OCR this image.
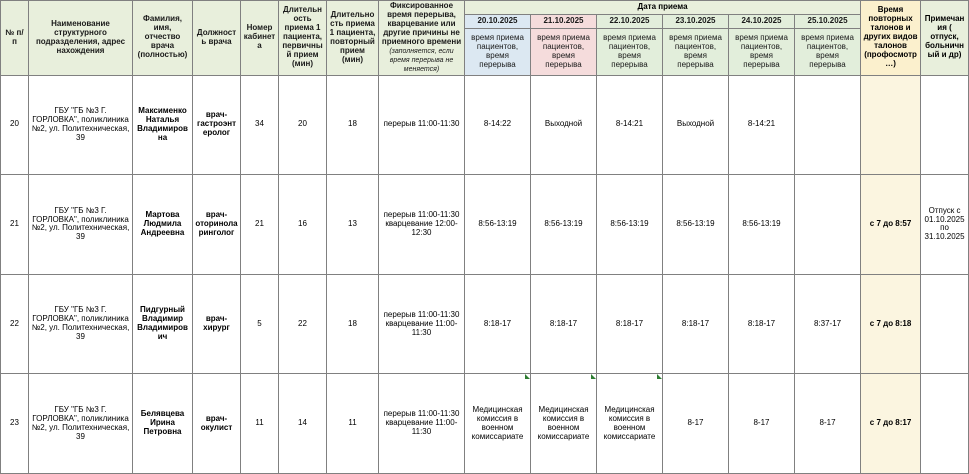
№ п/п	Наименование структурного подразделения, адрес нахождения	Фамилия, имя, отчество врача (полностью)	Должность врача	Номер кабинета	Длительность приема 1 пациента, первичный прием (мин)	Длительность приема 1 пациента, повторный прием (мин)	Фиксированное время перерыва, кварцевание или другие причины не приемного времени (заполняется, если время перерыва не меняется)	Дата приема						Время повторных талонов и других видов талонов (профосмотр…)	Примечания ( отпуск, больничный и др)
								20.10.2025	21.10.2025	22.10.2025	23.10.2025	24.10.2025	25.10.2025		
								время приема пациентов, время перерыва	время приема пациентов, время перерыва	время приема пациентов, время перерыва	время приема пациентов, время перерыва	время приема пациентов, время перерыва	время приема пациентов, время перерыва		
20	ГБУ "ГБ №3 Г. ГОРЛОВКА", поликлиника №2, ул. Политехническая, 39	Максименко Наталья Владимировна	врач-гастроэнтеролог	34	20	18	перерыв 11:00-11:30	8-14:22	Выходной	8-14:21	Выходной	8-14:21			
21	ГБУ "ГБ №3 Г. ГОРЛОВКА", поликлиника №2, ул. Политехническая, 39	Мартова Людмила Андреевна	врач-оториноларинголог	21	16	13	перерыв 11:00-11:30 кварцевание 12:00-12:30	8:56-13:19	8:56-13:19	8:56-13:19	8:56-13:19	8:56-13:19		с 7 до 8:57	Отпуск с 01.10.2025 по 31.10.2025
22	ГБУ "ГБ №3 Г. ГОРЛОВКА", поликлиника №2, ул. Политехническая, 39	Пидгурный Владимир Владимирович	врач-хирург	5	22	18	перерыв 11:00-11:30 кварцевание 11:00-11:30	8:18-17	8:18-17	8:18-17	8:18-17	8:18-17	8:37-17	с 7 до 8:18	
23	ГБУ "ГБ №3 Г. ГОРЛОВКА", поликлиника №2, ул. Политехническая, 39	Белявцева Ирина Петровна	врач-окулист	11	14	11	перерыв 11:00-11:30 кварцевание 11:00-11:30	Медицинская комиссия в военном комиссариате	Медицинская комиссия в военном комиссариате	Медицинская комиссия в военном комиссариате	8-17	8-17	8-17	с 7 до 8:17	
